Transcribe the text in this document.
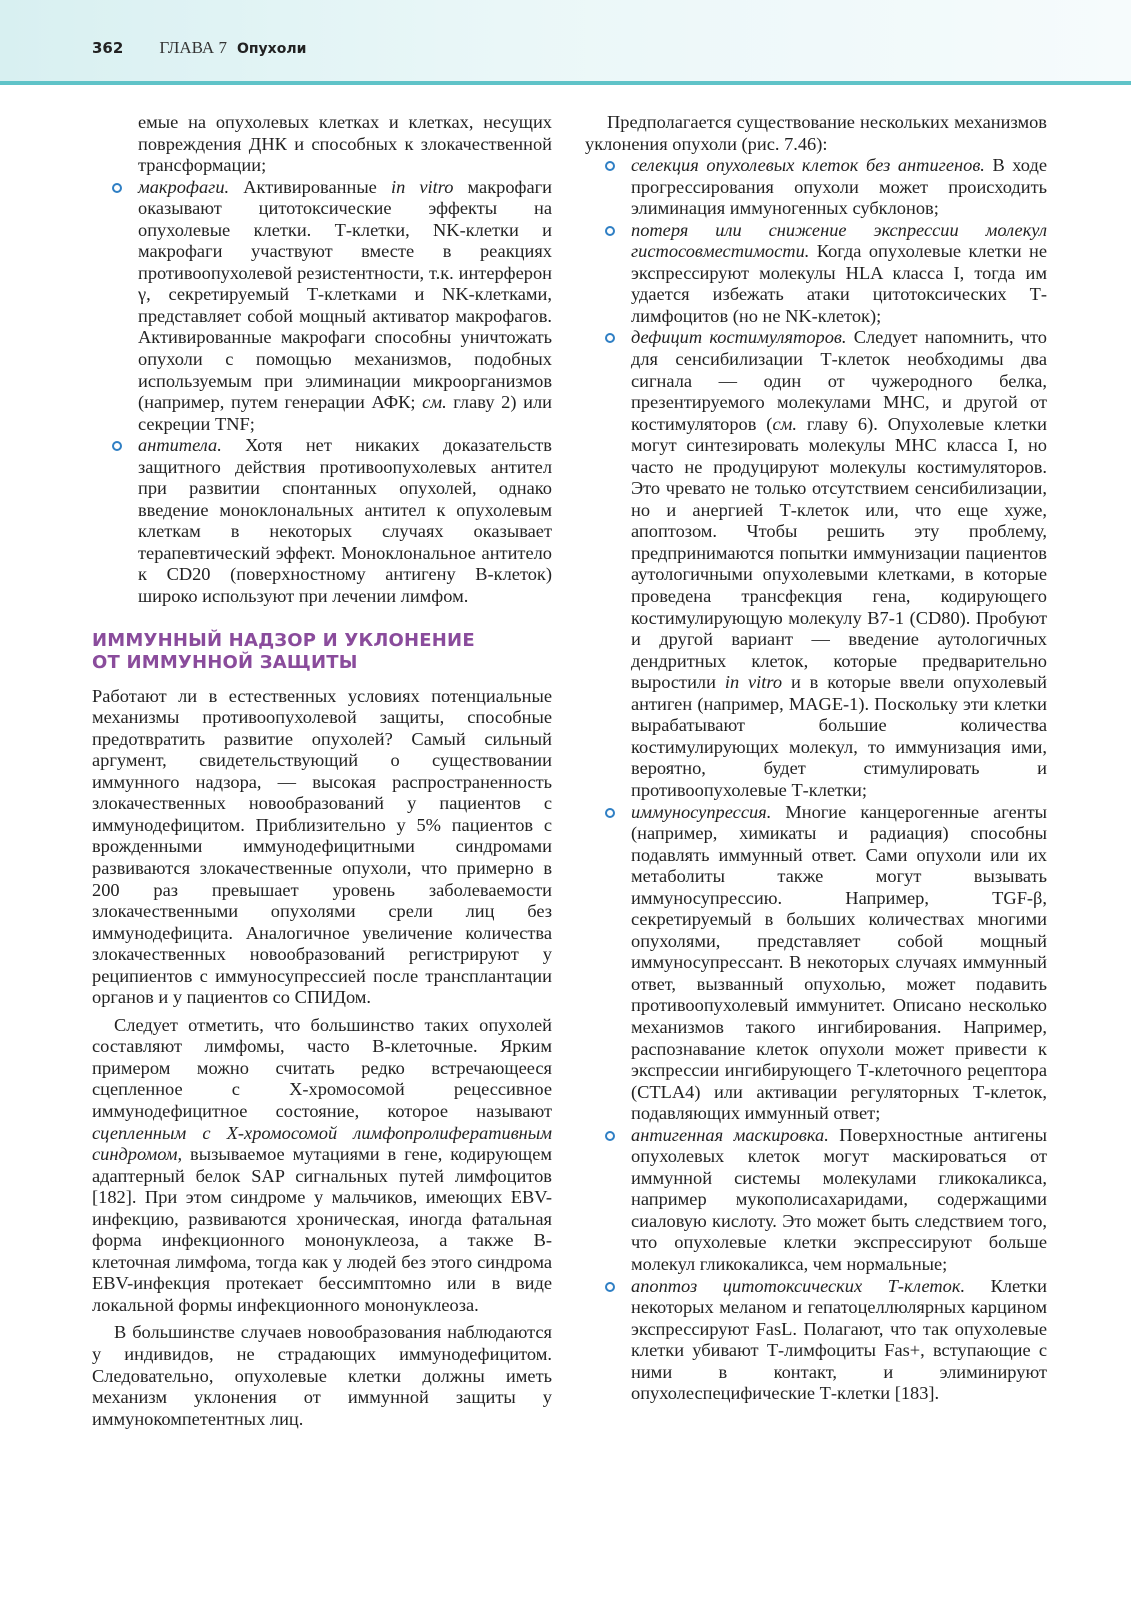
362 ГЛАВА 7 Опухоли

емые на опухолевых клетках и клетках, несущих повреждения ДНК и способных к злокачественной трансформации;

макрофаги. Активированные in vitro макрофаги оказывают цитотоксические эффекты на опухолевые клетки. Т-клетки, NK-клетки и макрофаги участвуют вместе в реакциях противоопухолевой резистентности, т.к. интерферон γ, секретируемый Т-клетками и NK-клетками, представляет собой мощный активатор макрофагов. Активированные макрофаги способны уничтожать опухоли с помощью механизмов, подобных используемым при элиминации микроорганизмов (например, путем генерации АФК; см. главу 2) или секреции TNF;
антитела. Хотя нет никаких доказательств защитного действия противоопухолевых антител при развитии спонтанных опухолей, однако введение моноклональных антител к опухолевым клеткам в некоторых случаях оказывает терапевтический эффект. Моноклональное антитело к CD20 (поверхностному антигену В-клеток) широко используют при лечении лимфом.

ИММУННЫЙ НАДЗОР И УКЛОНЕНИЕ
ОТ ИММУННОЙ ЗАЩИТЫ

Работают ли в естественных условиях потенциальные механизмы противоопухолевой защиты, способные предотвратить развитие опухолей? Самый сильный аргумент, свидетельствующий о существовании иммунного надзора, — высокая распространенность злокачественных новообразований у пациентов с иммунодефицитом. Приблизительно у 5% пациентов с врожденными иммунодефицитными синдромами развиваются злокачественные опухоли, что примерно в 200 раз превышает уровень заболеваемости злокачественными опухолями срели лиц без иммунодефицита. Аналогичное увеличение количества злокачественных новообразований регистрируют у реципиентов с иммуносупрессией после трансплантации органов и у пациентов со СПИДом.

Следует отметить, что большинство таких опухолей составляют лимфомы, часто В-клеточные. Ярким примером можно считать редко встречающееся сцепленное с Х-хромосомой рецессивное иммунодефицитное состояние, которое называют сцепленным с Х-хромосомой лимфопролиферативным синдромом, вызываемое мутациями в гене, кодирующем адаптерный белок SAP сигнальных путей лимфоцитов [182]. При этом синдроме у мальчиков, имеющих EBV-инфекцию, развиваются хроническая, иногда фатальная форма инфекционного мононуклеоза, а также В-клеточная лимфома, тогда как у людей без этого синдрома EBV-инфекция протекает бессимптомно или в виде локальной формы инфекционного мононуклеоза.

В большинстве случаев новообразования наблюдаются у индивидов, не страдающих иммунодефицитом. Следовательно, опухолевые клетки должны иметь механизм уклонения от иммунной защиты у иммунокомпетентных лиц.

Предполагается существование нескольких механизмов уклонения опухоли (рис. 7.46):

селекция опухолевых клеток без антигенов. В ходе прогрессирования опухоли может происходить элиминация иммуногенных субклонов;
потеря или снижение экспрессии молекул гистосовместимости. Когда опухолевые клетки не экспрессируют молекулы HLA класса I, тогда им удается избежать атаки цитотоксических Т-лимфоцитов (но не NK-клеток);
дефицит костимуляторов. Следует напомнить, что для сенсибилизации Т-клеток необходимы два сигнала — один от чужеродного белка, презентируемого молекулами MHC, и другой от костимуляторов (см. главу 6). Опухолевые клетки могут синтезировать молекулы MHC класса I, но часто не продуцируют молекулы костимуляторов. Это чревато не только отсутствием сенсибилизации, но и анергией Т-клеток или, что еще хуже, апоптозом. Чтобы решить эту проблему, предпринимаются попытки иммунизации пациентов аутологичными опухолевыми клетками, в которые проведена трансфекция гена, кодирующего костимулирующую молекулу B7-1 (CD80). Пробуют и другой вариант — введение аутологичных дендритных клеток, которые предварительно выростили in vitro и в которые ввели опухолевый антиген (например, MAGE-1). Поскольку эти клетки вырабатывают большие количества костимулирующих молекул, то иммунизация ими, вероятно, будет стимулировать и противоопухолевые Т-клетки;
иммуносупрессия. Многие канцерогенные агенты (например, химикаты и радиация) способны подавлять иммунный ответ. Сами опухоли или их метаболиты также могут вызывать иммуносупрессию. Например, TGF-β, секретируемый в больших количествах многими опухолями, представляет собой мощный иммуносупрессант. В некоторых случаях иммунный ответ, вызванный опухолью, может подавить противоопухолевый иммунитет. Описано несколько механизмов такого ингибирования. Например, распознавание клеток опухоли может привести к экспрессии ингибирующего Т-клеточного рецептора (CTLA4) или активации регуляторных Т-клеток, подавляющих иммунный ответ;
антигенная маскировка. Поверхностные антигены опухолевых клеток могут маскироваться от иммунной системы молекулами гликокаликса, например мукополисахаридами, содержащими сиаловую кислоту. Это может быть следствием того, что опухолевые клетки экспрессируют больше молекул гликокаликса, чем нормальные;
апоптоз цитотоксических Т-клеток. Клетки некоторых меланом и гепатоцеллюлярных карцином экспрессируют FasL. Полагают, что так опухолевые клетки убивают Т-лимфоциты Fas+, вступающие с ними в контакт, и элиминируют опухолеспецифические Т-клетки [183].
